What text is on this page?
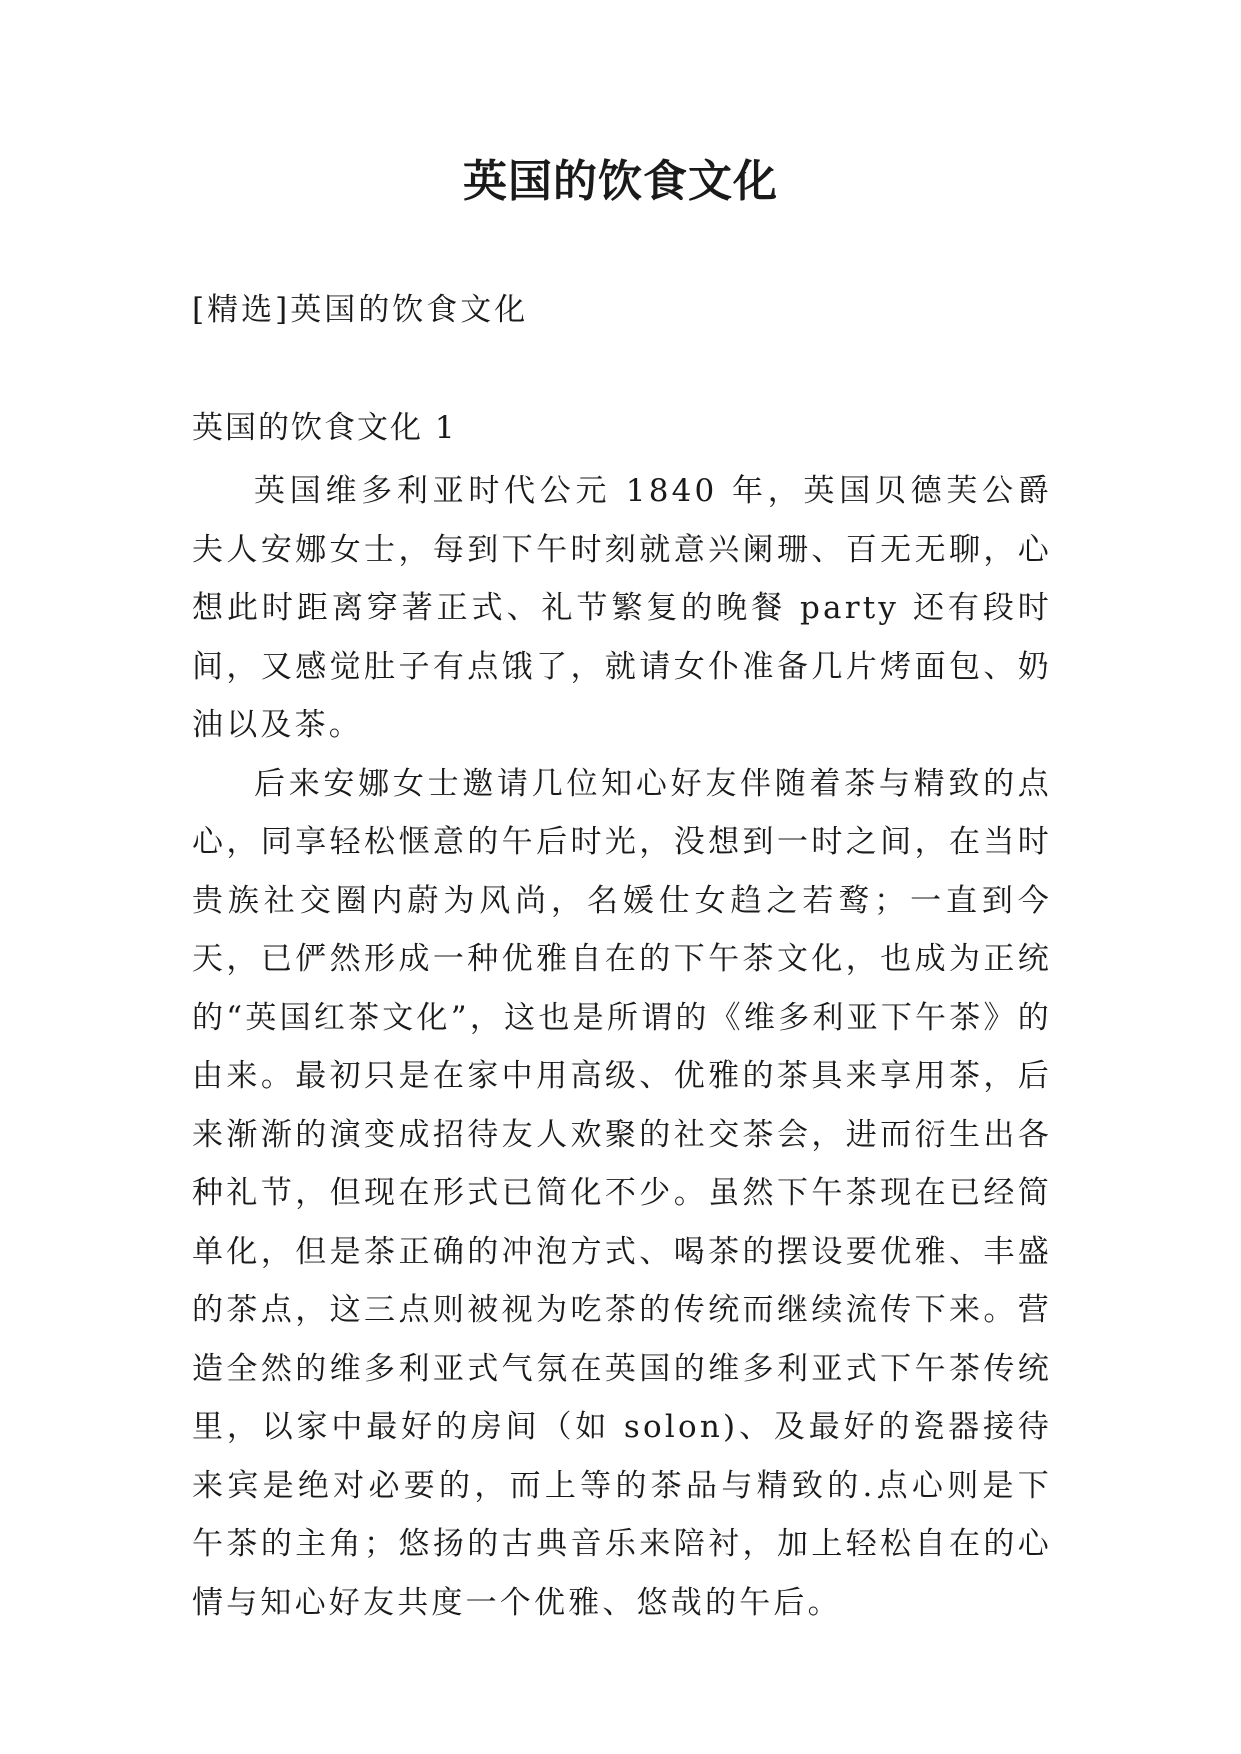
英国的饮食文化

[精选]英国的饮食文化

英国的饮食文化 1

英国维多利亚时代公元 1840 年，英国贝德芙公爵夫人安娜女士，每到下午时刻就意兴阑珊、百无无聊，心想此时距离穿著正式、礼节繁复的晚餐 party 还有段时间，又感觉肚子有点饿了，就请女仆准备几片烤面包、奶油以及茶。

后来安娜女士邀请几位知心好友伴随着茶与精致的点心，同享轻松惬意的午后时光，没想到一时之间，在当时贵族社交圈内蔚为风尚，名媛仕女趋之若鹜；一直到今天，已俨然形成一种优雅自在的下午茶文化，也成为正统的“英国红茶文化”，这也是所谓的《维多利亚下午茶》的由来。最初只是在家中用高级、优雅的茶具来享用茶，后来渐渐的演变成招待友人欢聚的社交茶会，进而衍生出各种礼节，但现在形式已简化不少。虽然下午茶现在已经简单化，但是茶正确的冲泡方式、喝茶的摆设要优雅、丰盛的茶点，这三点则被视为吃茶的传统而继续流传下来。营造全然的维多利亚式气氛在英国的维多利亚式下午茶传统里，以家中最好的房间（如 solon)、及最好的瓷器接待来宾是绝对必要的，而上等的茶品与精致的.点心则是下午茶的主角；悠扬的古典音乐来陪衬，加上轻松自在的心情与知心好友共度一个优雅、悠哉的午后。
